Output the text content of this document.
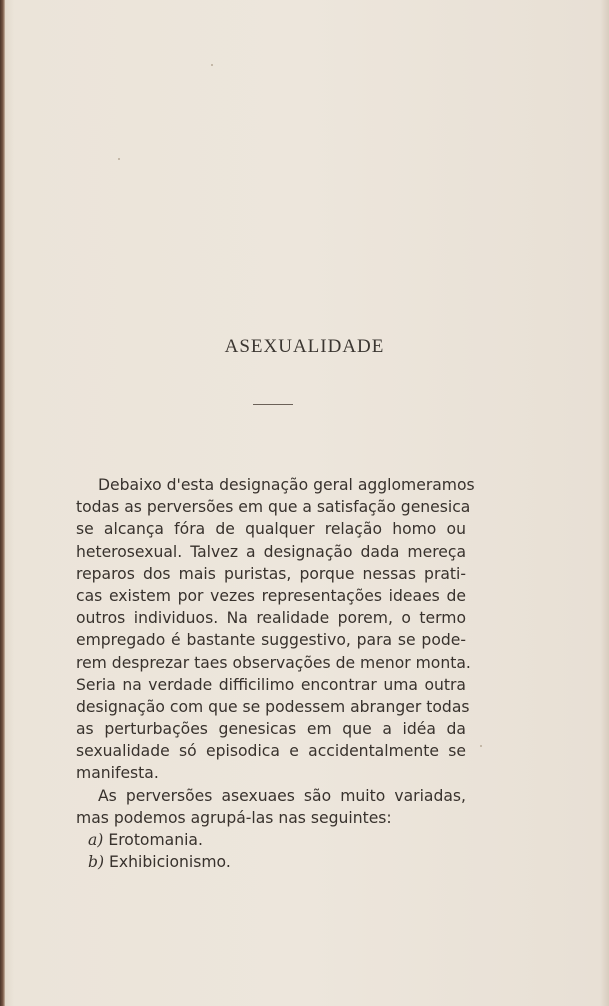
ASEXUALIDADE
Debaixo d'esta designação geral agglomeramos
todas as perversões em que a satisfação genesica
se alcança fóra de qualquer relação homo ou
heterosexual. Talvez a designação dada mereça
reparos dos mais puristas, porque nessas prati-
cas existem por vezes representações ideaes de
outros individuos. Na realidade porem, o termo
empregado é bastante suggestivo, para se pode-
rem desprezar taes observações de menor monta.
Seria na verdade difficilimo encontrar uma outra
designação com que se podessem abranger todas
as perturbações genesicas em que a idéa da
sexualidade só episodica e accidentalmente se
manifesta.
As perversões asexuaes são muito variadas,
mas podemos agrupá-las nas seguintes:
a) Erotomania.
b) Exhibicionismo.
